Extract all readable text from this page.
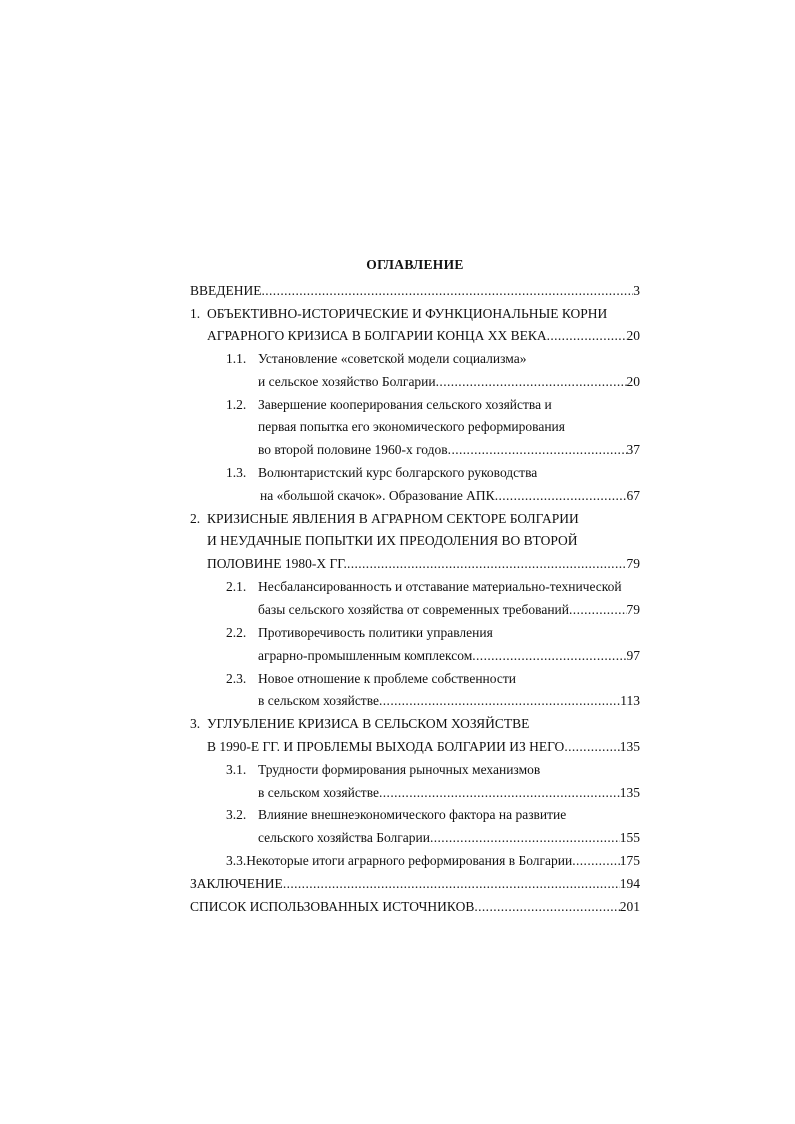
ОГЛАВЛЕНИЕ
ВВЕДЕНИЕ .....	3
1. ОБЪЕКТИВНО-ИСТОРИЧЕСКИЕ И ФУНКЦИОНАЛЬНЫЕ КОРНИ
АГРАРНОГО КРИЗИСА В БОЛГАРИИ КОНЦА XX ВЕКА .....	20
1.1. Установление «советской модели социализма»
и сельское хозяйство Болгарии .....	20
1.2. Завершение кооперирования сельского хозяйства и
первая попытка его экономического реформирования
во второй половине 1960-х годов .....	37
1.3. Волюнтаристский курс болгарского руководства
на «большой скачок». Образование АПК .....	67
2. КРИЗИСНЫЕ ЯВЛЕНИЯ В АГРАРНОМ СЕКТОРЕ БОЛГАРИИ
И НЕУДАЧНЫЕ ПОПЫТКИ ИХ ПРЕОДОЛЕНИЯ ВО ВТОРОЙ
ПОЛОВИНЕ 1980-Х ГГ. .....	79
2.1. Несбалансированность и отставание материально-технической
базы сельского хозяйства от современных требований .....	79
2.2. Противоречивость политики управления
аграрно-промышленным комплексом .....	97
2.3. Новое отношение к проблеме собственности
в сельском хозяйстве .....	113
3. УГЛУБЛЕНИЕ КРИЗИСА В СЕЛЬСКОМ ХОЗЯЙСТВЕ
В 1990-Е ГГ. И ПРОБЛЕМЫ ВЫХОДА БОЛГАРИИ ИЗ НЕГО .....	135
3.1. Трудности формирования рыночных механизмов
в сельском хозяйстве .....	135
3.2. Влияние внешнеэкономического фактора на развитие
сельского хозяйства Болгарии .....	155
3.3. Некоторые итоги аграрного реформирования в Болгарии .....	175
ЗАКЛЮЧЕНИЕ .....	194
СПИСОК ИСПОЛЬЗОВАННЫХ ИСТОЧНИКОВ .....	201
